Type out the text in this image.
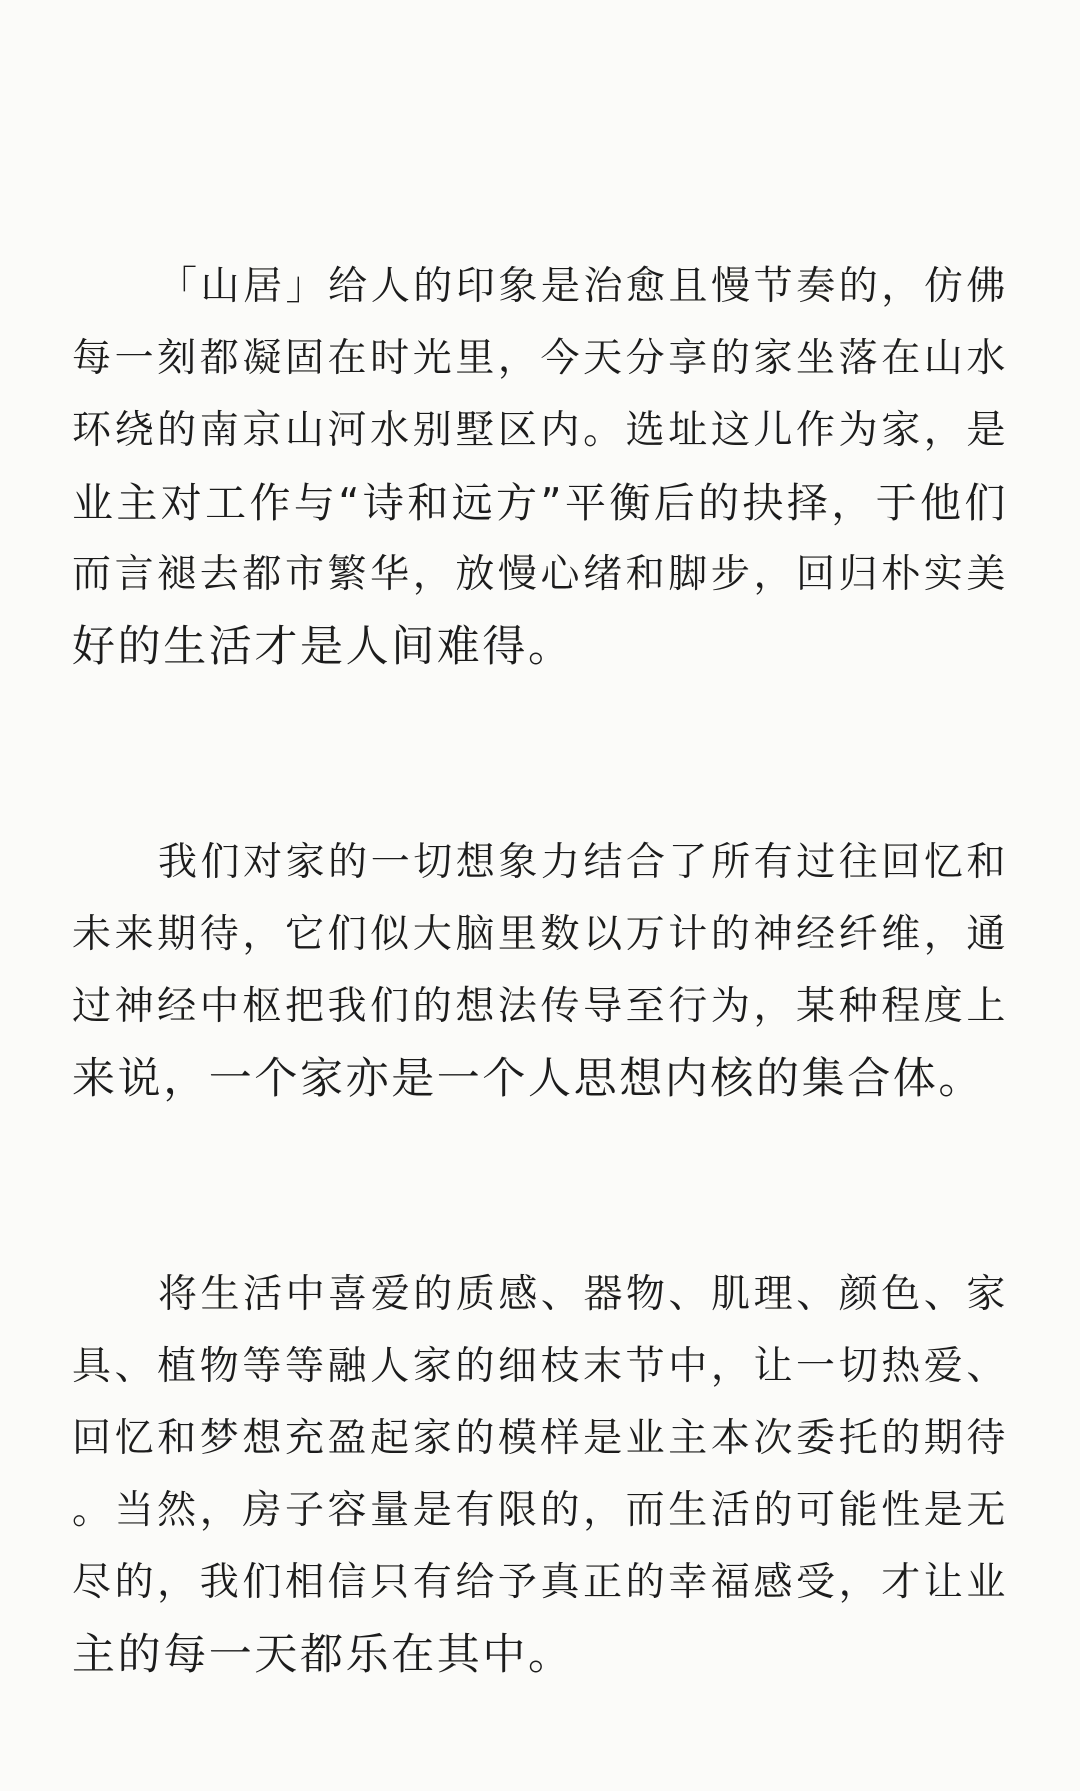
「山居」给人的印象是治愈且慢节奏的，仿佛
每一刻都凝固在时光里，今天分享的家坐落在山水
环绕的南京山河水别墅区内。选址这儿作为家，是
业主对工作与“诗和远方”平衡后的抉择，于他们
而言褪去都市繁华，放慢心绪和脚步，回归朴实美
好的生活才是人间难得。
我们对家的一切想象力结合了所有过往回忆和
未来期待，它们似大脑里数以万计的神经纤维，通
过神经中枢把我们的想法传导至行为，某种程度上
来说，一个家亦是一个人思想内核的集合体。
将生活中喜爱的质感、器物、肌理、颜色、家
具、植物等等融人家的细枝末节中，让一切热爱、
回忆和梦想充盈起家的模样是业主本次委托的期待
。当然，房子容量是有限的，而生活的可能性是无
尽的，我们相信只有给予真正的幸福感受，才让业
主的每一天都乐在其中。
